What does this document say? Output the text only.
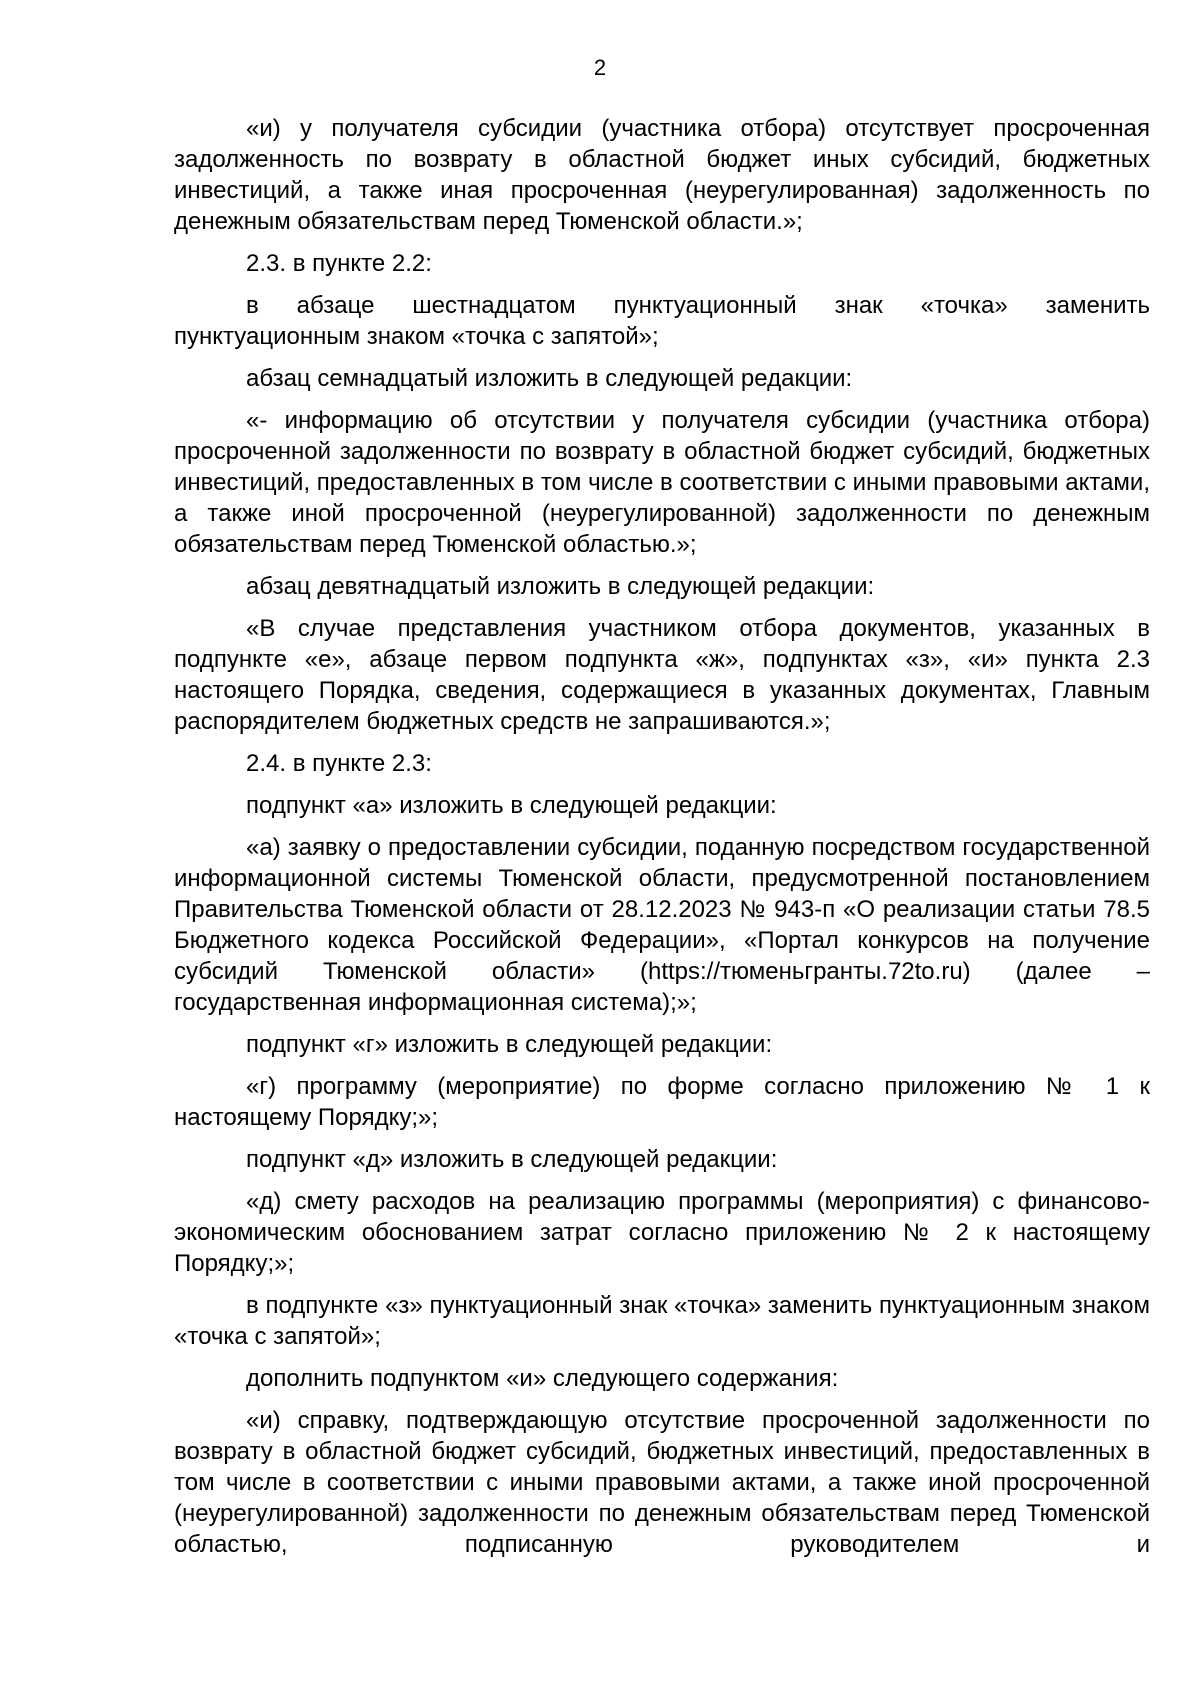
2

«и) у получателя субсидии (участника отбора) отсутствует просроченная задолженность по возврату в областной бюджет иных субсидий, бюджетных инвестиций, а также иная просроченная (неурегулированная) задолженность по денежным обязательствам перед Тюменской области.»;

2.3. в пункте 2.2:

в абзаце шестнадцатом пунктуационный знак «точка» заменить пунктуационным знаком «точка с запятой»;

абзац семнадцатый изложить в следующей редакции:

«- информацию об отсутствии у получателя субсидии (участника отбора) просроченной задолженности по возврату в областной бюджет субсидий, бюджетных инвестиций, предоставленных в том числе в соответствии с иными правовыми актами, а также иной просроченной (неурегулированной) задолженности по денежным обязательствам перед Тюменской областью.»;

абзац девятнадцатый изложить в следующей редакции:

«В случае представления участником отбора документов, указанных в подпункте «е», абзаце первом подпункта «ж», подпунктах «з», «и» пункта 2.3 настоящего Порядка, сведения, содержащиеся в указанных документах, Главным распорядителем бюджетных средств не запрашиваются.»;

2.4. в пункте 2.3:

подпункт «а» изложить в следующей редакции:

«а) заявку о предоставлении субсидии, поданную посредством государственной информационной системы Тюменской области, предусмотренной постановлением Правительства Тюменской области от 28.12.2023 № 943-п «О реализации статьи 78.5 Бюджетного кодекса Российской Федерации», «Портал конкурсов на получение субсидий Тюменской области» (https://тюменьгранты.72to.ru) (далее – государственная информационная система);»;

подпункт «г» изложить в следующей редакции:

«г) программу (мероприятие) по форме согласно приложению № 1 к настоящему Порядку;»;

подпункт «д» изложить в следующей редакции:

«д) смету расходов на реализацию программы (мероприятия) с финансово-экономическим обоснованием затрат согласно приложению № 2 к настоящему Порядку;»;

в подпункте «з» пунктуационный знак «точка» заменить пунктуационным знаком «точка с запятой»;

дополнить подпунктом «и» следующего содержания:

«и) справку, подтверждающую отсутствие просроченной задолженности по возврату в областной бюджет субсидий, бюджетных инвестиций, предоставленных в том числе в соответствии с иными правовыми актами, а также иной просроченной (неурегулированной) задолженности по денежным обязательствам перед Тюменской областью, подписанную руководителем и
